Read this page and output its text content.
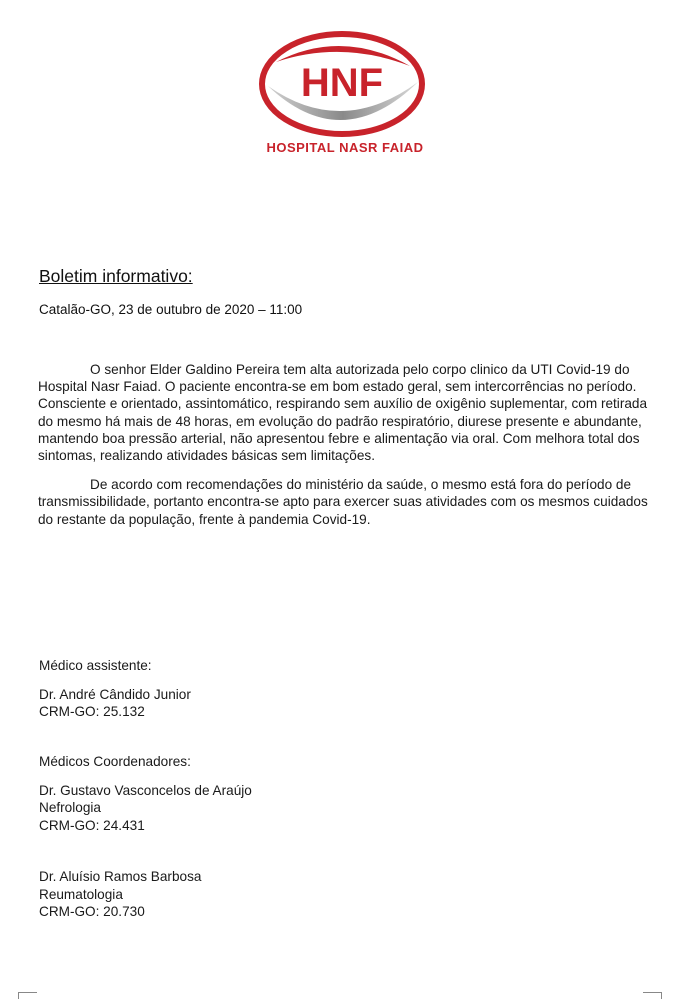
HNF
HOSPITAL NASR FAIAD
Boletim informativo:
Catalão-GO, 23 de outubro de 2020 – 11:00

O senhor Elder Galdino Pereira tem alta autorizada pelo corpo clinico da UTI Covid-19 do Hospital Nasr Faiad. O paciente encontra-se em bom estado geral, sem intercorrências no período. Consciente e orientado, assintomático, respirando sem auxílio de oxigênio suplementar, com retirada do mesmo há mais de 48 horas, em evolução do padrão respiratório, diurese presente e abundante, mantendo boa pressão arterial, não apresentou febre e alimentação via oral. Com melhora total dos sintomas, realizando atividades básicas sem limitações.

De acordo com recomendações do ministério da saúde, o mesmo está fora do período de transmissibilidade, portanto encontra-se apto para exercer suas atividades com os mesmos cuidados do restante da população, frente à pandemia Covid-19.

Médico assistente:
Dr. André Cândido Junior
CRM-GO: 25.132
Médicos Coordenadores:
Dr. Gustavo Vasconcelos de Araújo
Nefrologia
CRM-GO: 24.431
Dr. Aluísio Ramos Barbosa
Reumatologia
CRM-GO: 20.730
